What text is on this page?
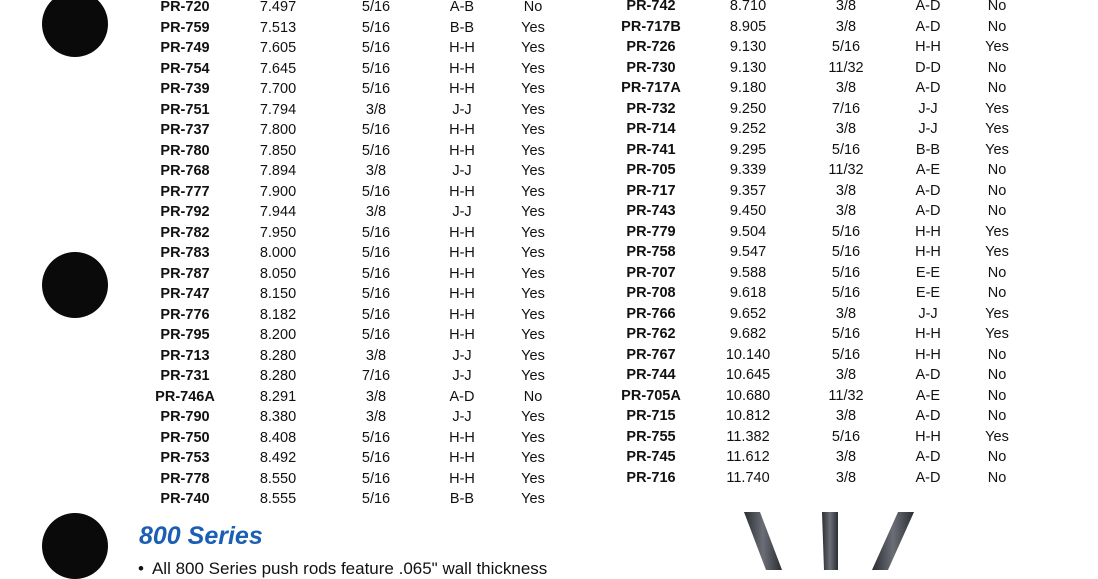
PR-720	7.497	5/16	A-B	No
PR-759	7.513	5/16	B-B	Yes
PR-749	7.605	5/16	H-H	Yes
PR-754	7.645	5/16	H-H	Yes
PR-739	7.700	5/16	H-H	Yes
PR-751	7.794	3/8	J-J	Yes
PR-737	7.800	5/16	H-H	Yes
PR-780	7.850	5/16	H-H	Yes
PR-768	7.894	3/8	J-J	Yes
PR-777	7.900	5/16	H-H	Yes
PR-792	7.944	3/8	J-J	Yes
PR-782	7.950	5/16	H-H	Yes
PR-783	8.000	5/16	H-H	Yes
PR-787	8.050	5/16	H-H	Yes
PR-747	8.150	5/16	H-H	Yes
PR-776	8.182	5/16	H-H	Yes
PR-795	8.200	5/16	H-H	Yes
PR-713	8.280	3/8	J-J	Yes
PR-731	8.280	7/16	J-J	Yes
PR-746A	8.291	3/8	A-D	No
PR-790	8.380	3/8	J-J	Yes
PR-750	8.408	5/16	H-H	Yes
PR-753	8.492	5/16	H-H	Yes
PR-778	8.550	5/16	H-H	Yes
PR-740	8.555	5/16	B-B	Yes
PR-742	8.710	3/8	A-D	No
PR-717B	8.905	3/8	A-D	No
PR-726	9.130	5/16	H-H	Yes
PR-730	9.130	11/32	D-D	No
PR-717A	9.180	3/8	A-D	No
PR-732	9.250	7/16	J-J	Yes
PR-714	9.252	3/8	J-J	Yes
PR-741	9.295	5/16	B-B	Yes
PR-705	9.339	11/32	A-E	No
PR-717	9.357	3/8	A-D	No
PR-743	9.450	3/8	A-D	No
PR-779	9.504	5/16	H-H	Yes
PR-758	9.547	5/16	H-H	Yes
PR-707	9.588	5/16	E-E	No
PR-708	9.618	5/16	E-E	No
PR-766	9.652	3/8	J-J	Yes
PR-762	9.682	5/16	H-H	Yes
PR-767	10.140	5/16	H-H	No
PR-744	10.645	3/8	A-D	No
PR-705A	10.680	11/32	A-E	No
PR-715	10.812	3/8	A-D	No
PR-755	11.382	5/16	H-H	Yes
PR-745	11.612	3/8	A-D	No
PR-716	11.740	3/8	A-D	No
800 Series
• All 800 Series push rods feature .065" wall thickness
